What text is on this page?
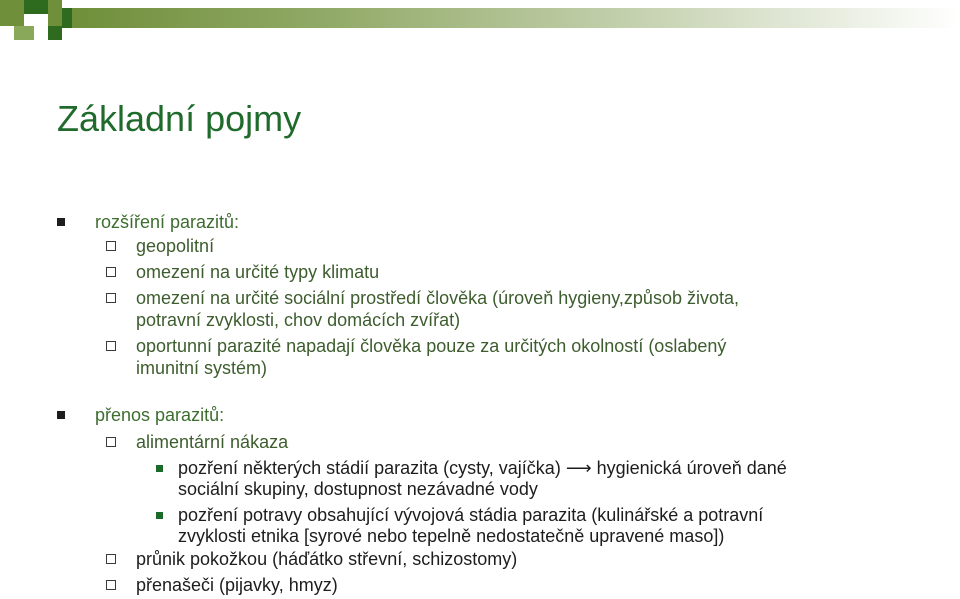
Základní pojmy
rozšíření parazitů:
geopolitní
omezení na určité typy klimatu
omezení na určité sociální prostředí člověka (úroveň hygieny,způsob života,
potravní zvyklosti, chov domácích zvířat)
oportunní parazité napadají člověka pouze za určitých okolností (oslabený
imunitní systém)
přenos parazitů:
alimentární nákaza
pozření některých stádií parazita (cysty, vajíčka) ⟶ hygienická úroveň dané
sociální skupiny, dostupnost nezávadné vody
pozření potravy obsahující vývojová stádia parazita (kulinářské a potravní
zvyklosti etnika [syrové nebo tepelně nedostatečně upravené maso])
průnik pokožkou (háďátko střevní, schizostomy)
přenašeči (pijavky, hmyz)
